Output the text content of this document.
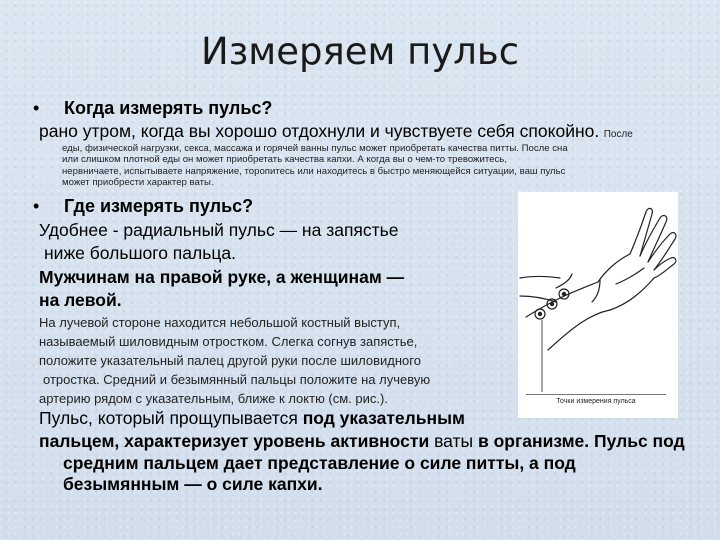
Измеряем пульс
• Когда измерять пульс?
рано утром, когда вы хорошо отдохнули и чувствуете себя спокойно. После
еды, физической нагрузки, секса, массажа и горячей ванны пульс может приобретать качества питты. После сна
или слишком плотной еды он может приобретать качества капхи. А когда вы о чем-то тревожитесь,
нервничаете, испытываете напряжение, торопитесь или находитесь в быстро меняющейся ситуации, ваш пульс
может приобрести характер ваты.
• Где измерять пульс?
Удобнее - радиальный пульс — на запястье
ниже большого пальца.
Мужчинам на правой руке, а женщинам —
на левой.
На лучевой стороне находится небольшой костный выступ,
называемый шиловидным отростком. Слегка согнув запястье,
положите указательный палец другой руки после шиловидного
отростка. Средний и безымянный пальцы положите на лучевую
артерию рядом с указательным, ближе к локтю (см. рис.).
Пульс, который прощупывается под указательным
пальцем, характеризует уровень активности ваты в организме. Пульс под
средним пальцем дает представление о силе питты, а под
безымянным — о силе капхи.
Точки измерения пульса
